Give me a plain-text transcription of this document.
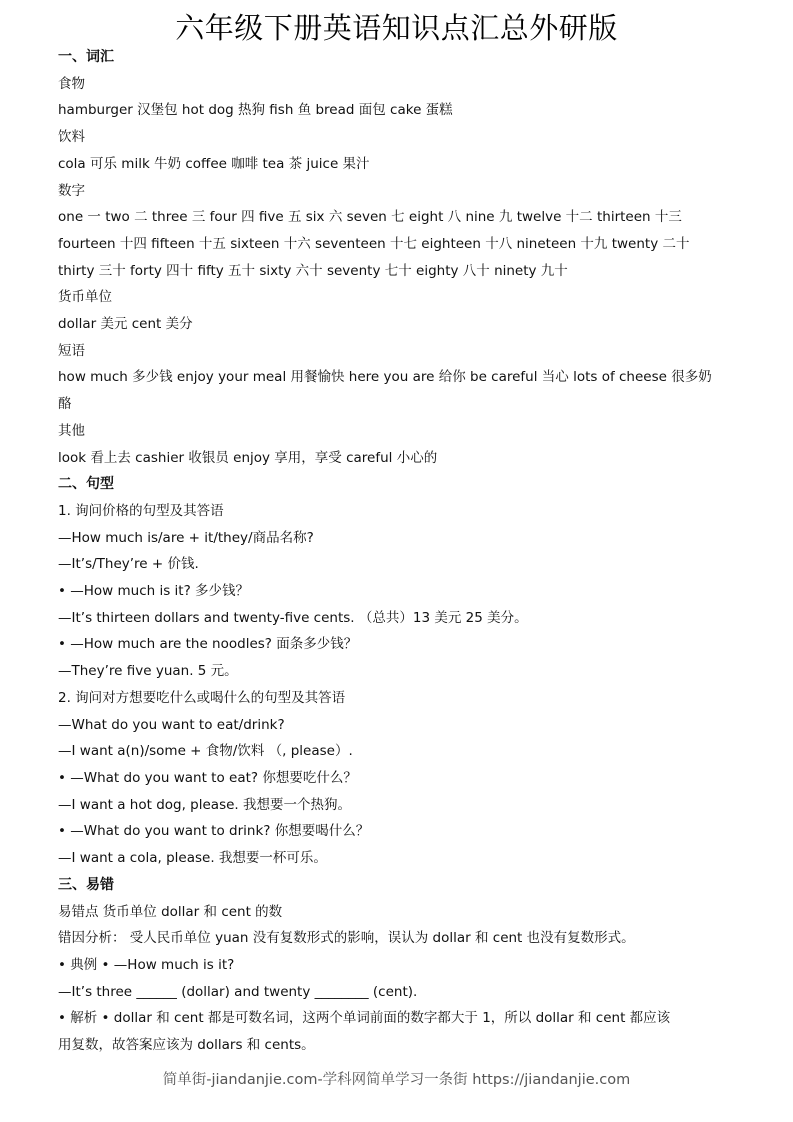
六年级下册英语知识点汇总外研版
一、词汇
食物
hamburger 汉堡包 hot dog 热狗 fish 鱼 bread 面包 cake 蛋糕
饮料
cola 可乐 milk 牛奶 coffee 咖啡 tea 茶 juice 果汁
数字
one 一 two 二 three 三 four 四 five 五 six 六 seven 七 eight 八 nine 九 twelve 十二 thirteen 十三
fourteen 十四 fifteen 十五 sixteen 十六 seventeen 十七 eighteen 十八 nineteen 十九 twenty 二十
thirty 三十 forty 四十 fifty 五十 sixty 六十 seventy 七十 eighty 八十 ninety 九十
货币单位
dollar 美元 cent 美分
短语
how much 多少钱 enjoy your meal 用餐愉快 here you are 给你 be careful 当心 lots of cheese 很多奶
酪
其他
look 看上去 cashier 收银员 enjoy 享用，享受 careful 小心的
二、句型
1. 询问价格的句型及其答语
—How much is/are + it/they/商品名称?
—It’s/They’re + 价钱.
• —How much is it? 多少钱？
—It’s thirteen dollars and twenty-five cents. （总共）13 美元 25 美分。
• —How much are the noodles? 面条多少钱？
—They’re five yuan. 5 元。
2. 询问对方想要吃什么或喝什么的句型及其答语
—What do you want to eat/drink?
—I want a(n)/some + 食物/饮料 （, please）.
• —What do you want to eat? 你想要吃什么？
—I want a hot dog, please. 我想要一个热狗。
• —What do you want to drink? 你想要喝什么？
—I want a cola, please. 我想要一杯可乐。
三、易错
易错点 货币单位 dollar 和 cent 的数
错因分析： 受人民币单位 yuan 没有复数形式的影响，误认为 dollar 和 cent 也没有复数形式。
• 典例 • —How much is it?
—It’s three ______ (dollar) and twenty ________ (cent).
• 解析 • dollar 和 cent 都是可数名词，这两个单词前面的数字都大于 1，所以 dollar 和 cent 都应该
用复数，故答案应该为 dollars 和 cents。
简单街-jiandanjie.com-学科网简单学习一条街 https://jiandanjie.com
